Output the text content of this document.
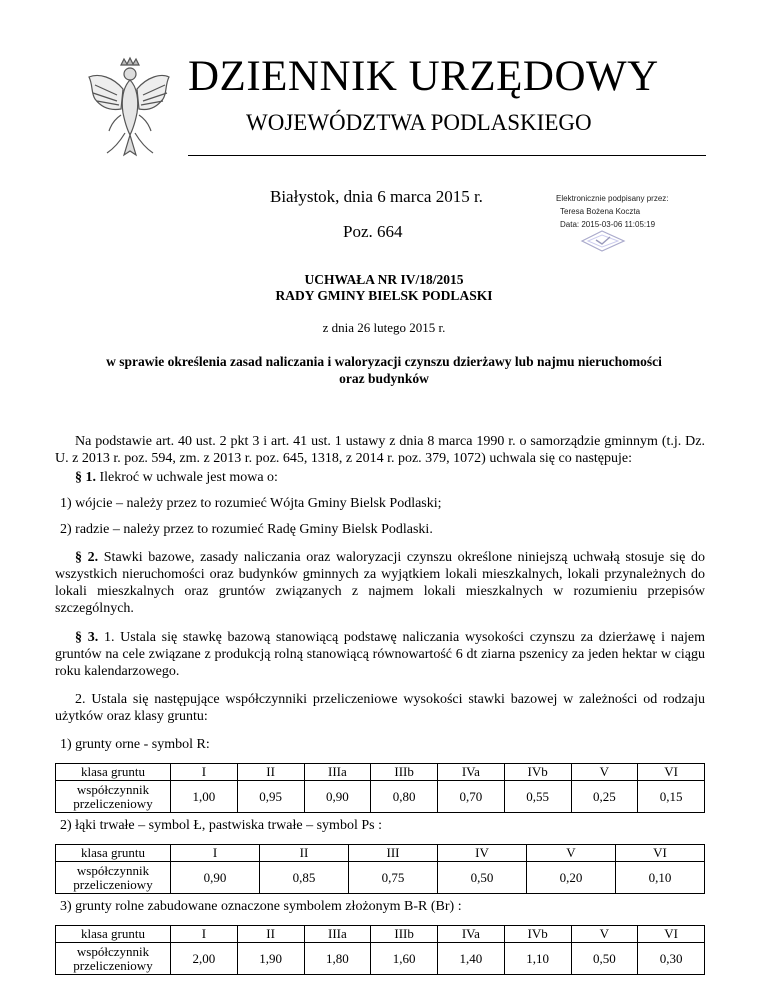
DZIENNIK URZĘDOWY
WOJEWÓDZTWA PODLASKIEGO
Białystok, dnia 6 marca 2015 r.
Poz. 664
Elektronicznie podpisany przez:
Teresa Bożena Koczta
Data: 2015-03-06 11:05:19
UCHWAŁA NR IV/18/2015
RADY GMINY BIELSK PODLASKI
z dnia 26 lutego 2015 r.
w sprawie określenia zasad naliczania i waloryzacji czynszu dzierżawy lub najmu nieruchomości
oraz budynków
Na podstawie art. 40 ust. 2 pkt 3 i art. 41 ust. 1 ustawy z dnia 8 marca 1990 r. o samorządzie gminnym (t.j. Dz. U. z 2013 r. poz. 594, zm. z 2013 r. poz. 645, 1318, z 2014 r. poz. 379, 1072) uchwala się co następuje:
§ 1. Ilekroć w uchwale jest mowa o:
1) wójcie – należy przez to rozumieć Wójta Gminy Bielsk Podlaski;
2) radzie – należy przez to rozumieć Radę Gminy Bielsk Podlaski.
§ 2. Stawki bazowe, zasady naliczania oraz waloryzacji czynszu określone niniejszą uchwałą stosuje się do wszystkich nieruchomości oraz budynków gminnych za wyjątkiem lokali mieszkalnych, lokali przynależnych do lokali mieszkalnych oraz gruntów związanych z najmem lokali mieszkalnych w rozumieniu przepisów szczególnych.
§ 3. 1. Ustala się stawkę bazową stanowiącą podstawę naliczania wysokości czynszu za dzierżawę i najem gruntów na cele związane z produkcją rolną stanowiącą równowartość 6 dt ziarna pszenicy za jeden hektar w ciągu roku kalendarzowego.
2. Ustala się następujące współczynniki przeliczeniowe wysokości stawki bazowej w zależności od rodzaju użytków oraz klasy gruntu:
1) grunty orne - symbol R:
klasa gruntu	I	II	IIIa	IIIb	IVa	IVb	V	VI

współczynnik
przeliczeniowy	1,00	0,95	0,90	0,80	0,70	0,55	0,25	0,15
2) łąki trwałe – symbol Ł, pastwiska trwałe – symbol Ps :
klasa gruntu	I	II	III	IV	V	VI

współczynnik
przeliczeniowy	0,90	0,85	0,75	0,50	0,20	0,10
3) grunty rolne zabudowane oznaczone symbolem złożonym B-R (Br) :
klasa gruntu	I	II	IIIa	IIIb	IVa	IVb	V	VI

współczynnik
przeliczeniowy	2,00	1,90	1,80	1,60	1,40	1,10	0,50	0,30
